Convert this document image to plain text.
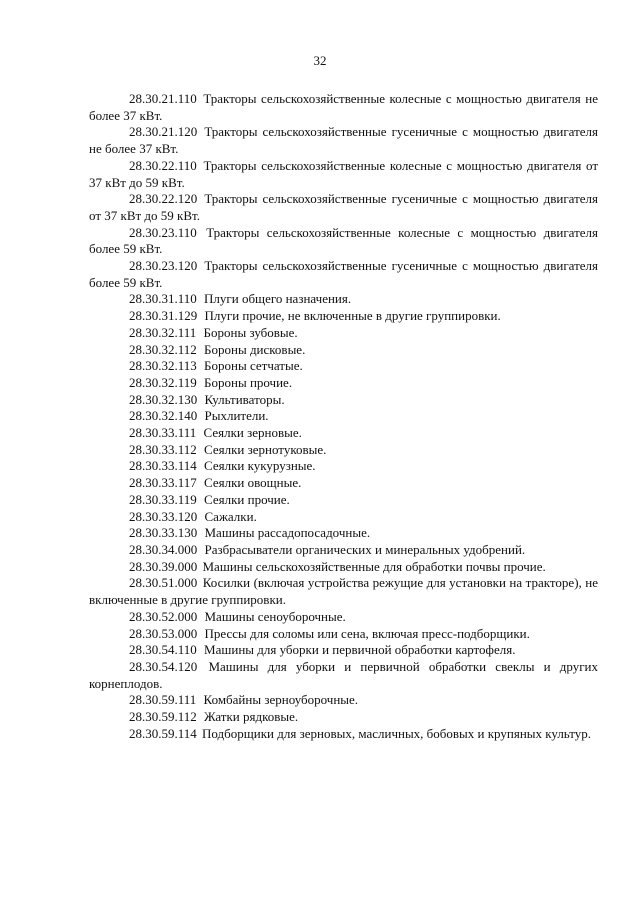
32

28.30.21.110 Тракторы сельскохозяйственные колесные с мощностью двигателя не более 37 кВт.

28.30.21.120 Тракторы сельскохозяйственные гусеничные с мощностью двигателя не более 37 кВт.

28.30.22.110 Тракторы сельскохозяйственные колесные с мощностью двигателя от 37 кВт до 59 кВт.

28.30.22.120 Тракторы сельскохозяйственные гусеничные с мощностью двигателя от 37 кВт до 59 кВт.

28.30.23.110 Тракторы сельскохозяйственные колесные с мощностью двигателя более 59 кВт.

28.30.23.120 Тракторы сельскохозяйственные гусеничные с мощностью двигателя более 59 кВт.

28.30.31.110 Плуги общего назначения.

28.30.31.129 Плуги прочие, не включенные в другие группировки.

28.30.32.111 Бороны зубовые.

28.30.32.112 Бороны дисковые.

28.30.32.113 Бороны сетчатые.

28.30.32.119 Бороны прочие.

28.30.32.130 Культиваторы.

28.30.32.140 Рыхлители.

28.30.33.111 Сеялки зерновые.

28.30.33.112 Сеялки зернотуковые.

28.30.33.114 Сеялки кукурузные.

28.30.33.117 Сеялки овощные.

28.30.33.119 Сеялки прочие.

28.30.33.120 Сажалки.

28.30.33.130 Машины рассадопосадочные.

28.30.34.000 Разбрасыватели органических и минеральных удобрений.

28.30.39.000 Машины сельскохозяйственные для обработки почвы прочие.

28.30.51.000 Косилки (включая устройства режущие для установки на тракторе), не включенные в другие группировки.

28.30.52.000 Машины сеноуборочные.

28.30.53.000 Прессы для соломы или сена, включая пресс-подборщики.

28.30.54.110 Машины для уборки и первичной обработки картофеля.

28.30.54.120 Машины для уборки и первичной обработки свеклы и других корнеплодов.

28.30.59.111 Комбайны зерноуборочные.

28.30.59.112 Жатки рядковые.

28.30.59.114 Подборщики для зерновых, масличных, бобовых и крупяных культур.
